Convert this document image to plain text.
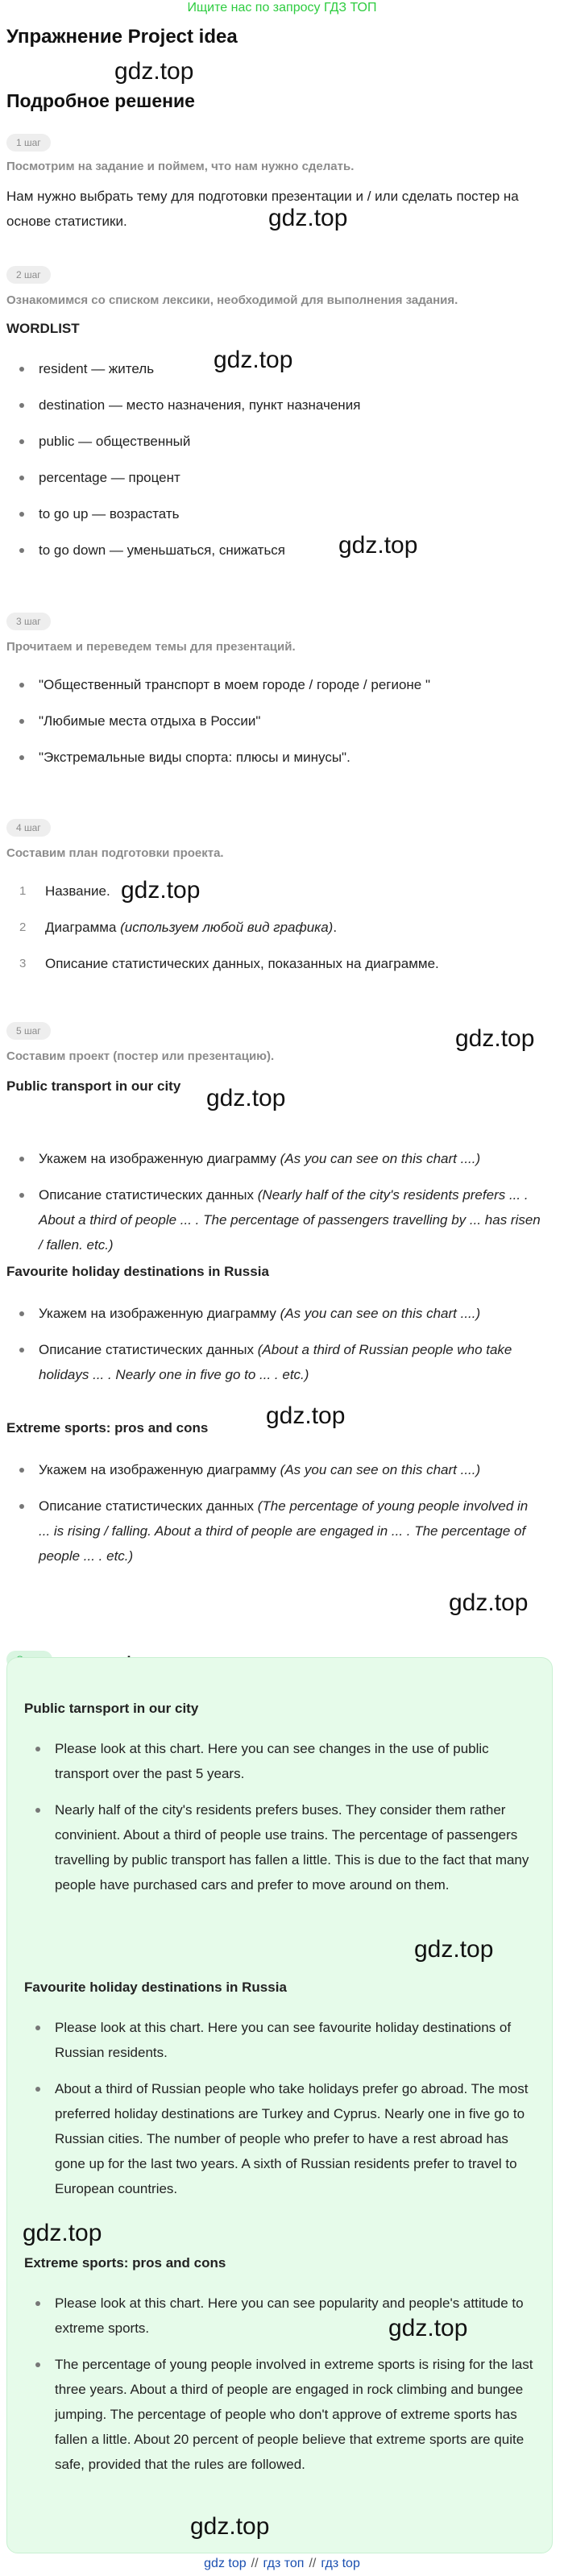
Ищите нас по запросу ГДЗ ТОП
Упражнение Project idea
gdz.top
Подробное решение
1 шаг
Посмотрим на задание и поймем, что нам нужно сделать.
Нам нужно выбрать тему для подготовки презентации и / или сделать постер на основе статистики.	gdz.top
2 шаг
Ознакомимся со списком лексики, необходимой для выполнения задания.
WORDLIST
resident — житель
destination — место назначения, пункт назначения
public — общественный
percentage — процент
to go up — возрастать
to go down — уменьшаться, снижаться
gdz.top
gdz.top
3 шаг
Прочитаем и переведем темы для презентаций.
"Общественный транспорт в моем городе / городе / регионе "
"Любимые места отдыха в России"
"Экстремальные виды спорта: плюсы и минусы".
4 шаг
Составим план подготовки проекта.
1	Название.
2	Диаграмма (используем любой вид графика).
3	Описание статистических данных, показанных на диаграмме.
gdz.top
5 шаг	gdz.top
Составим проект (постер или презентацию).
Public transport in our city gdz.top
Укажем на изображенную диаграмму (As you can see on this chart ....)
Описание статистических данных (Nearly half of the city's residents prefers ... . About a third of people ... . The percentage of passengers travelling by ... has risen / fallen. etc.)
Favourite holiday destinations in Russia
Укажем на изображенную диаграмму (As you can see on this chart ....)
Описание статистических данных (About a third of Russian people who take holidays ... . Nearly one in five go to ... . etc.)
Extreme sports: pros and cons gdz.top
Укажем на изображенную диаграмму (As you can see on this chart ....)
Описание статистических данных (The percentage of young people involved in ... is rising / falling. About a third of people are engaged in ... . The percentage of people ... . etc.)
gdz.top
Public tarnsport in our city
Please look at this chart. Here you can see changes in the use of public transport over the past 5 years.
Nearly half of the city's residents prefers buses. They consider them rather convinient. About a third of people use trains. The percentage of passengers travelling by public transport has fallen a little. This is due to the fact that many people have purchased cars and prefer to move around on them.
gdz.top
Favourite holiday destinations in Russia
Please look at this chart. Here you can see favourite holiday destinations of Russian residents.
About a third of Russian people who take holidays prefer go abroad. The most preferred holiday destinations are Turkey and Cyprus. Nearly one in five go to Russian cities. The number of people who prefer to have a rest abroad has gone up for the last two years. A sixth of Russian residents prefer to travel to European countries.
gdz.top
Extreme sports: pros and cons
Please look at this chart. Here you can see popularity and people's attitude to extreme sports.
The percentage of young people involved in extreme sports is rising for the last three years. About a third of people are engaged in rock climbing and bungee jumping. The percentage of people who don't approve of extreme sports has fallen a little. About 20 percent of people believe that extreme sports are quite safe, provided that the rules are followed.
gdz.top
gdz.top
gdz top // гдз топ // гдз top
